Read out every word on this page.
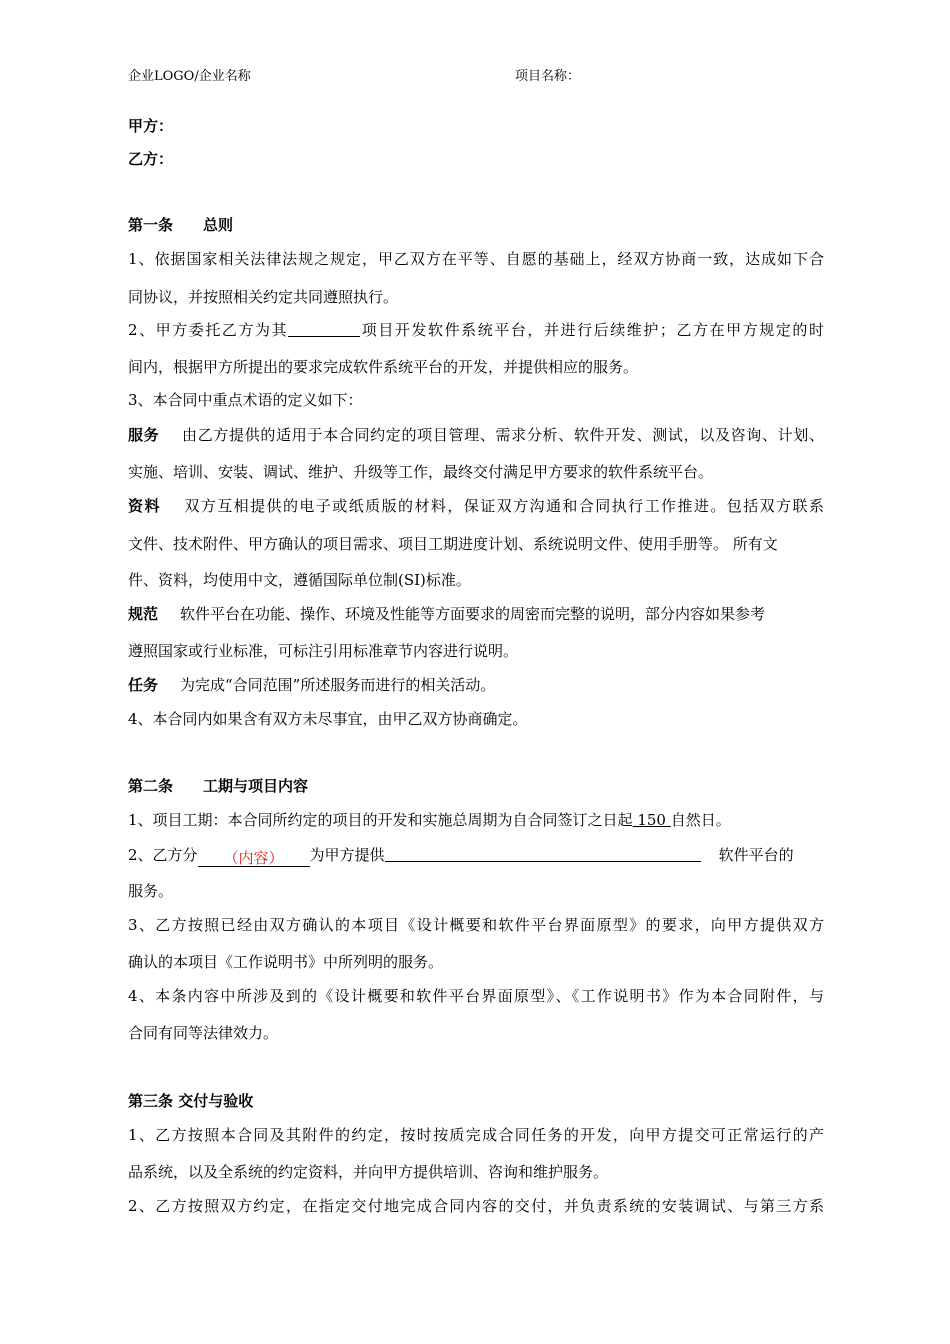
企业LOGO/企业名称	项目名称：
甲方：
乙方：
第一条 总则
1、依据国家相关法律法规之规定，甲乙双方在平等、自愿的基础上，经双方协商一致，达成如下合
同协议，并按照相关约定共同遵照执行。
2、甲方委托乙方为其	项目开发软件系统平台，并进行后续维护；乙方在甲方规定的时
间内，根据甲方所提出的要求完成软件系统平台的开发，并提供相应的服务。
3、本合同中重点术语的定义如下：
服务 由乙方提供的适用于本合同约定的项目管理、需求分析、软件开发、测试，以及咨询、计划、
实施、培训、安装、调试、维护、升级等工作，最终交付满足甲方要求的软件系统平台。
资料 双方互相提供的电子或纸质版的材料，保证双方沟通和合同执行工作推进。包括双方联系
文件、技术附件、甲方确认的项目需求、项目工期进度计划、系统说明文件、使用手册等。 所有文
件、资料，均使用中文，遵循国际单位制(SI)标准。
规范 软件平台在功能、操作、环境及性能等方面要求的周密而完整的说明，部分内容如果参考
遵照国家或行业标准，可标注引用标准章节内容进行说明。
任务 为完成“合同范围”所述服务而进行的相关活动。
4、本合同内如果含有双方未尽事宜，由甲乙双方协商确定。
第二条 工期与项目内容
1、项目工期：本合同所约定的项目的开发和实施总周期为自合同签订之日起 150 自然日。
2、乙方分 （内容） 为甲方提供	软件平台的
服务。
3、乙方按照已经由双方确认的本项目《设计概要和软件平台界面原型》的要求，向甲方提供双方
确认的本项目《工作说明书》中所列明的服务。
4、本条内容中所涉及到的《设计概要和软件平台界面原型》、《工作说明书》作为本合同附件，与
合同有同等法律效力。
第三条 交付与验收
1、乙方按照本合同及其附件的约定，按时按质完成合同任务的开发，向甲方提交可正常运行的产
品系统，以及全系统的约定资料，并向甲方提供培训、咨询和维护服务。
2、乙方按照双方约定，在指定交付地完成合同内容的交付，并负责系统的安装调试、与第三方系
